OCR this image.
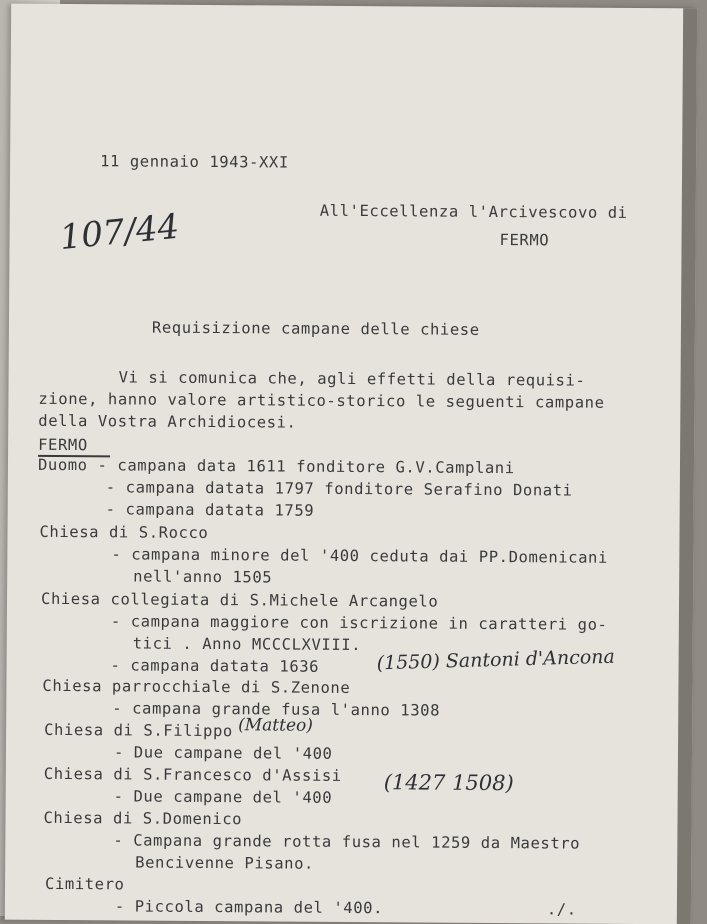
11 gennaio 1943-XXI
107/44	All'Eccellenza l'Arcivescovo di
FERMO
Requisizione campane delle chiese
Vi si comunica che, agli effetti della requisi-
zione, hanno valore artistico-storico le seguenti campane
della Vostra Archidiocesi.
FERMO
Duomo - campana data 1611 fonditore G.V.Camplani
- campana datata 1797 fonditore Serafino Donati
- campana datata 1759
Chiesa di S.Rocco
- campana minore del '400 ceduta dai PP.Domenicani
nell'anno 1505
Chiesa collegiata di S.Michele Arcangelo
- campana maggiore con iscrizione in caratteri go-
tici . Anno MCCCLXVIII.
- campana datata 1636	(1550) Santoni d'Ancona
Chiesa parrocchiale di S.Zenone
- campana grande fusa l'anno 1308
Chiesa di S.Filippo (Matteo)
- Due campane del '400
Chiesa di S.Francesco d'Assisi
- Due campane del '400
(1427 1508)
Chiesa di S.Domenico
- Campana grande rotta fusa nel 1259 da Maestro
Bencivenne Pisano.
Cimitero
- Piccola campana del '400.	./.
